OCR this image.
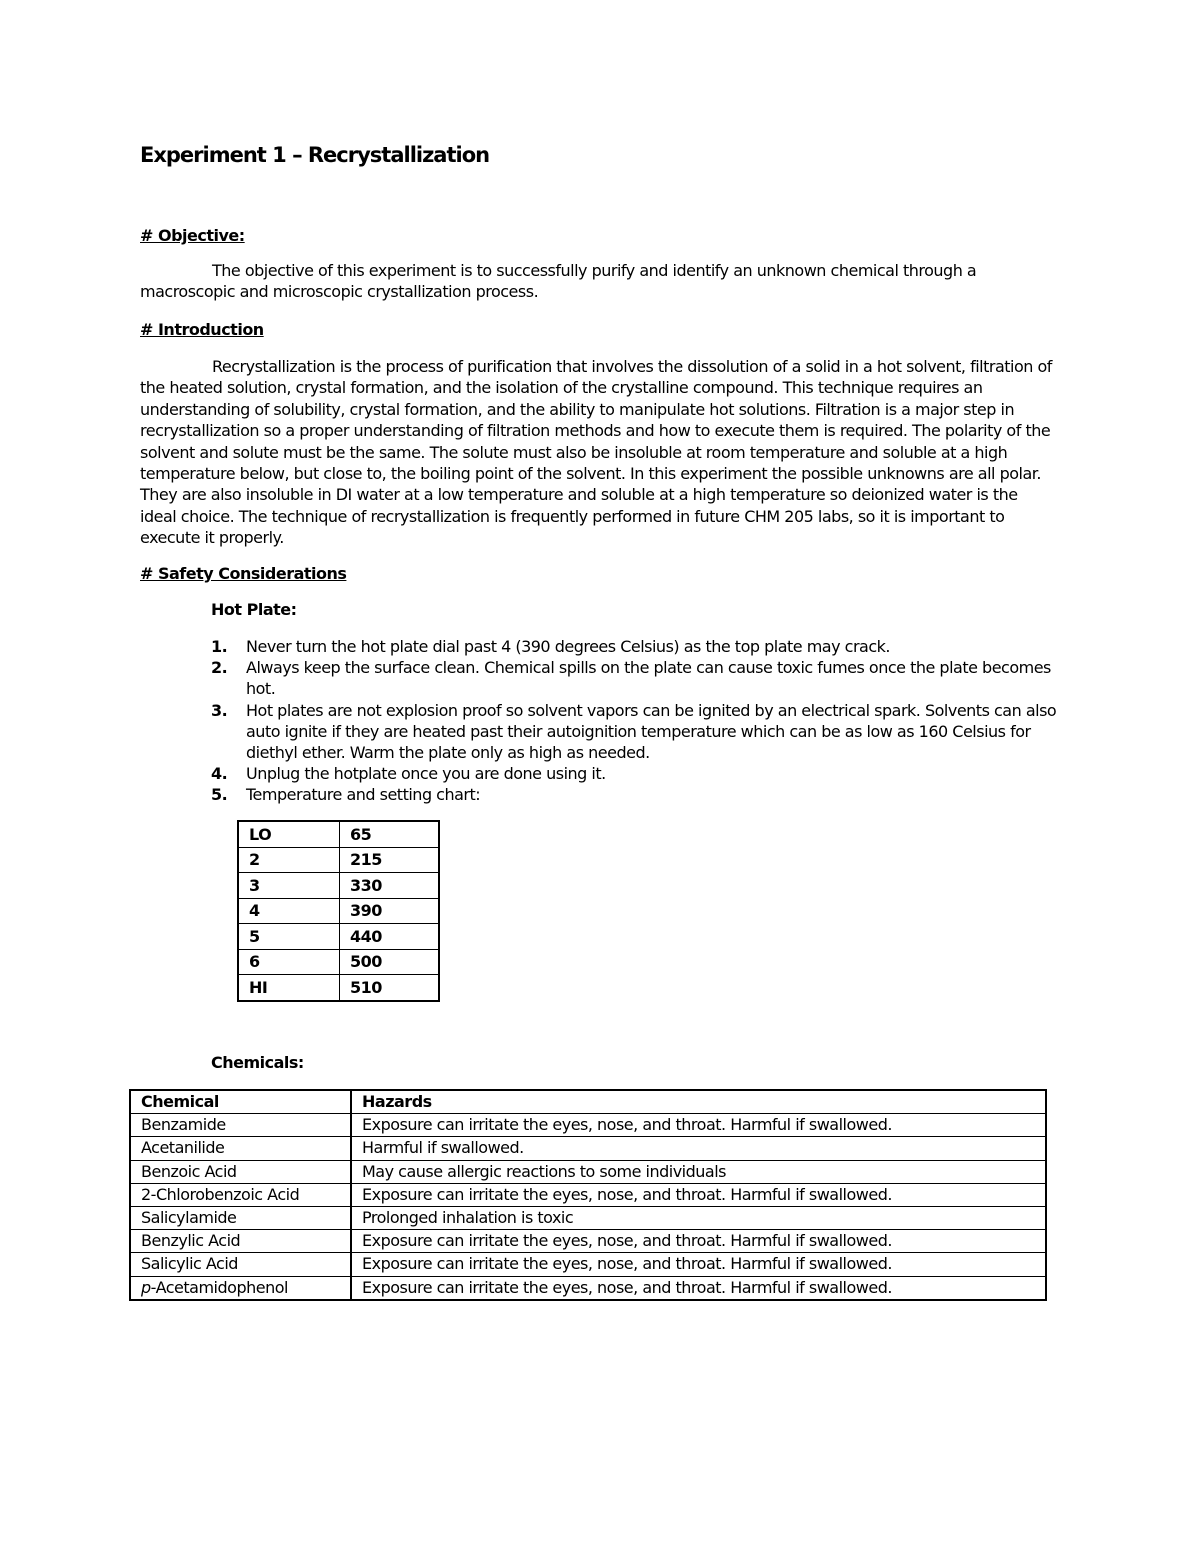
Experiment 1 – Recrystallization
# Objective:
The objective of this experiment is to successfully purify and identify an unknown chemical through a macroscopic and microscopic crystallization process.
# Introduction
Recrystallization is the process of purification that involves the dissolution of a solid in a hot solvent, filtration of the heated solution, crystal formation, and the isolation of the crystalline compound. This technique requires an understanding of solubility, crystal formation, and the ability to manipulate hot solutions. Filtration is a major step in recrystallization so a proper understanding of filtration methods and how to execute them is required. The polarity of the solvent and solute must be the same. The solute must also be insoluble at room temperature and soluble at a high temperature below, but close to, the boiling point of the solvent. In this experiment the possible unknowns are all polar. They are also insoluble in DI water at a low temperature and soluble at a high temperature so deionized water is the ideal choice. The technique of recrystallization is frequently performed in future CHM 205 labs, so it is important to execute it properly.
# Safety Considerations
Hot Plate:
1. Never turn the hot plate dial past 4 (390 degrees Celsius) as the top plate may crack.
2. Always keep the surface clean. Chemical spills on the plate can cause toxic fumes once the plate becomes hot.
3. Hot plates are not explosion proof so solvent vapors can be ignited by an electrical spark. Solvents can also auto ignite if they are heated past their autoignition temperature which can be as low as 160 Celsius for diethyl ether. Warm the plate only as high as needed.
4. Unplug the hotplate once you are done using it.
5. Temperature and setting chart:
LO	65
2	215
3	330
4	390
5	440
6	500
HI	510
Chemicals:
Chemical	Hazards
Benzamide	Exposure can irritate the eyes, nose, and throat. Harmful if swallowed.
Acetanilide	Harmful if swallowed.
Benzoic Acid	May cause allergic reactions to some individuals
2-Chlorobenzoic Acid	Exposure can irritate the eyes, nose, and throat. Harmful if swallowed.
Salicylamide	Prolonged inhalation is toxic
Benzylic Acid	Exposure can irritate the eyes, nose, and throat. Harmful if swallowed.
Salicylic Acid	Exposure can irritate the eyes, nose, and throat. Harmful if swallowed.
p-Acetamidophenol	Exposure can irritate the eyes, nose, and throat. Harmful if swallowed.
